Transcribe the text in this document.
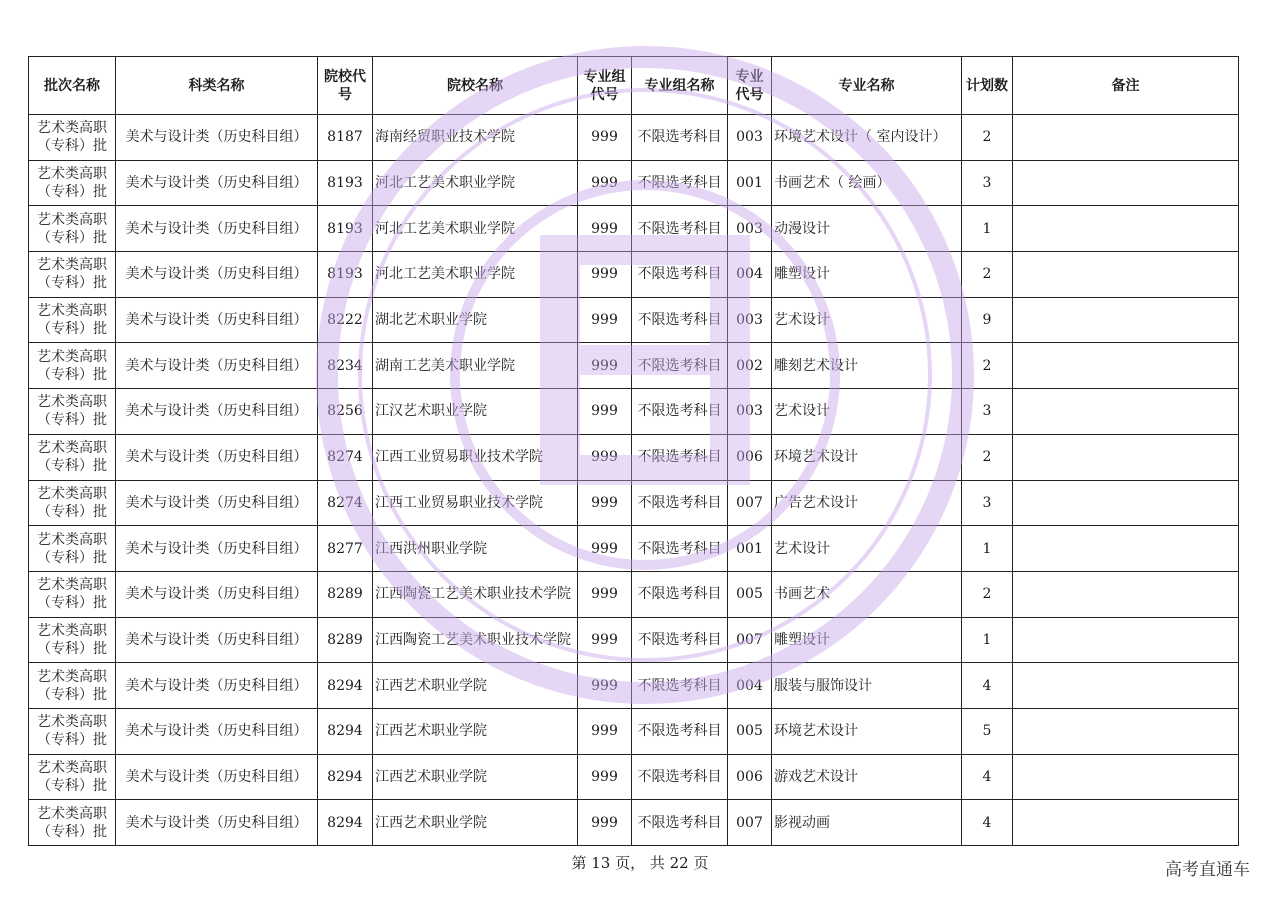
批次名称	科类名称	院校代号	院校名称	专业组代号	专业组名称	专业代号	专业名称	计划数	备注
艺术类高职（专科）批	美术与设计类（历史科目组）	8187	海南经贸职业技术学院	999	不限选考科目	003	环境艺术设计（ 室内设计）	2	
艺术类高职（专科）批	美术与设计类（历史科目组）	8193	河北工艺美术职业学院	999	不限选考科目	001	书画艺术（ 绘画）	3	
艺术类高职（专科）批	美术与设计类（历史科目组）	8193	河北工艺美术职业学院	999	不限选考科目	003	动漫设计	1	
艺术类高职（专科）批	美术与设计类（历史科目组）	8193	河北工艺美术职业学院	999	不限选考科目	004	雕塑设计	2	
艺术类高职（专科）批	美术与设计类（历史科目组）	8222	湖北艺术职业学院	999	不限选考科目	003	艺术设计	9	
艺术类高职（专科）批	美术与设计类（历史科目组）	8234	湖南工艺美术职业学院	999	不限选考科目	002	雕刻艺术设计	2	
艺术类高职（专科）批	美术与设计类（历史科目组）	8256	江汉艺术职业学院	999	不限选考科目	003	艺术设计	3	
艺术类高职（专科）批	美术与设计类（历史科目组）	8274	江西工业贸易职业技术学院	999	不限选考科目	006	环境艺术设计	2	
艺术类高职（专科）批	美术与设计类（历史科目组）	8274	江西工业贸易职业技术学院	999	不限选考科目	007	广告艺术设计	3	
艺术类高职（专科）批	美术与设计类（历史科目组）	8277	江西洪州职业学院	999	不限选考科目	001	艺术设计	1	
艺术类高职（专科）批	美术与设计类（历史科目组）	8289	江西陶瓷工艺美术职业技术学院	999	不限选考科目	005	书画艺术	2	
艺术类高职（专科）批	美术与设计类（历史科目组）	8289	江西陶瓷工艺美术职业技术学院	999	不限选考科目	007	雕塑设计	1	
艺术类高职（专科）批	美术与设计类（历史科目组）	8294	江西艺术职业学院	999	不限选考科目	004	服装与服饰设计	4	
艺术类高职（专科）批	美术与设计类（历史科目组）	8294	江西艺术职业学院	999	不限选考科目	005	环境艺术设计	5	
艺术类高职（专科）批	美术与设计类（历史科目组）	8294	江西艺术职业学院	999	不限选考科目	006	游戏艺术设计	4	
艺术类高职（专科）批	美术与设计类（历史科目组）	8294	江西艺术职业学院	999	不限选考科目	007	影视动画	4	
第 13 页， 共 22 页	高考直通车
